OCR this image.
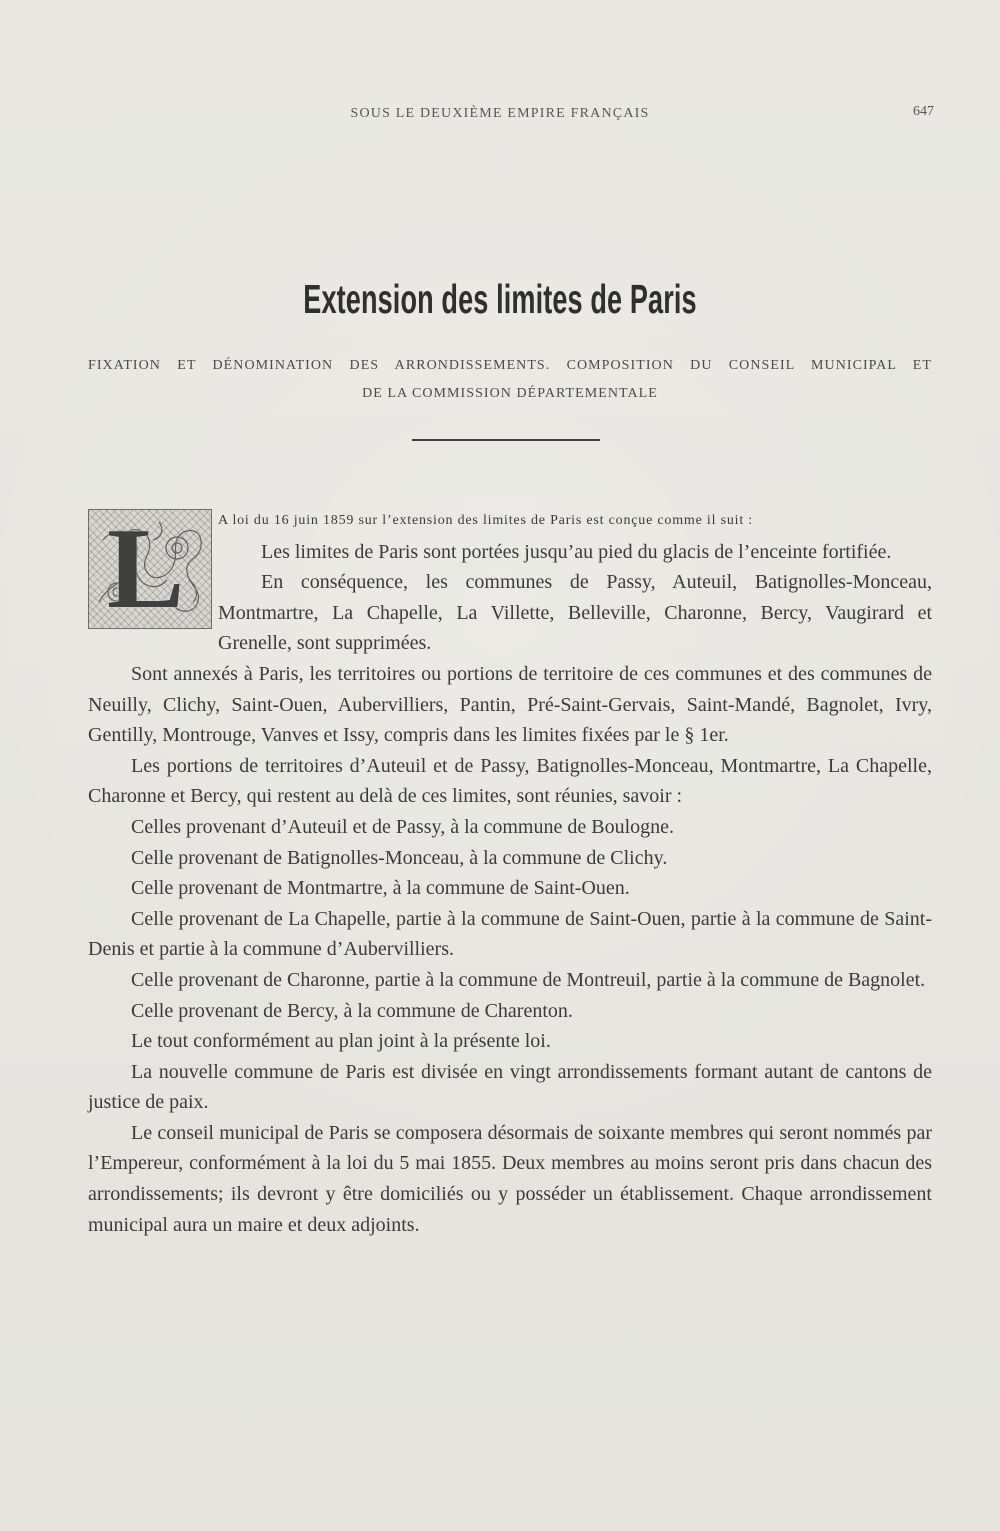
SOUS LE DEUXIÈME EMPIRE FRANÇAIS	647
Extension des limites de Paris
FIXATION ET DÉNOMINATION DES ARRONDISSEMENTS. COMPOSITION DU CONSEIL MUNICIPAL ET
DE LA COMMISSION DÉPARTEMENTALE
L	A loi du 16 juin 1859 sur l’extension des limites de Paris est conçue comme il suit :

Les limites de Paris sont portées jusqu’au pied du glacis de l’enceinte fortifiée.

En conséquence, les communes de Passy, Auteuil, Batignolles-Monceau, Montmartre, La Chapelle, La Villette, Belleville, Charonne, Bercy, Vaugirard et Grenelle, sont supprimées.

Sont annexés à Paris, les territoires ou portions de territoire de ces communes et des communes de Neuilly, Clichy, Saint-Ouen, Aubervilliers, Pantin, Pré-Saint-Gervais, Saint-Mandé, Bagnolet, Ivry, Gentilly, Montrouge, Vanves et Issy, compris dans les limites fixées par le § 1er.

Les portions de territoires d’Auteuil et de Passy, Batignolles-Monceau, Montmartre, La Chapelle, Charonne et Bercy, qui restent au delà de ces limites, sont réunies, savoir :

Celles provenant d’Auteuil et de Passy, à la commune de Boulogne.

Celle provenant de Batignolles-Monceau, à la commune de Clichy.

Celle provenant de Montmartre, à la commune de Saint-Ouen.

Celle provenant de La Chapelle, partie à la commune de Saint-Ouen, partie à la commune de Saint-Denis et partie à la commune d’Aubervilliers.

Celle provenant de Charonne, partie à la commune de Montreuil, partie à la commune de Bagnolet.

Celle provenant de Bercy, à la commune de Charenton.

Le tout conformément au plan joint à la présente loi.

La nouvelle commune de Paris est divisée en vingt arrondissements formant autant de cantons de justice de paix.

Le conseil municipal de Paris se composera désormais de soixante membres qui seront nommés par l’Empereur, conformément à la loi du 5 mai 1855. Deux membres au moins seront pris dans chacun des arrondissements; ils devront y être domiciliés ou y posséder un établissement. Chaque arrondissement municipal aura un maire et deux adjoints.
